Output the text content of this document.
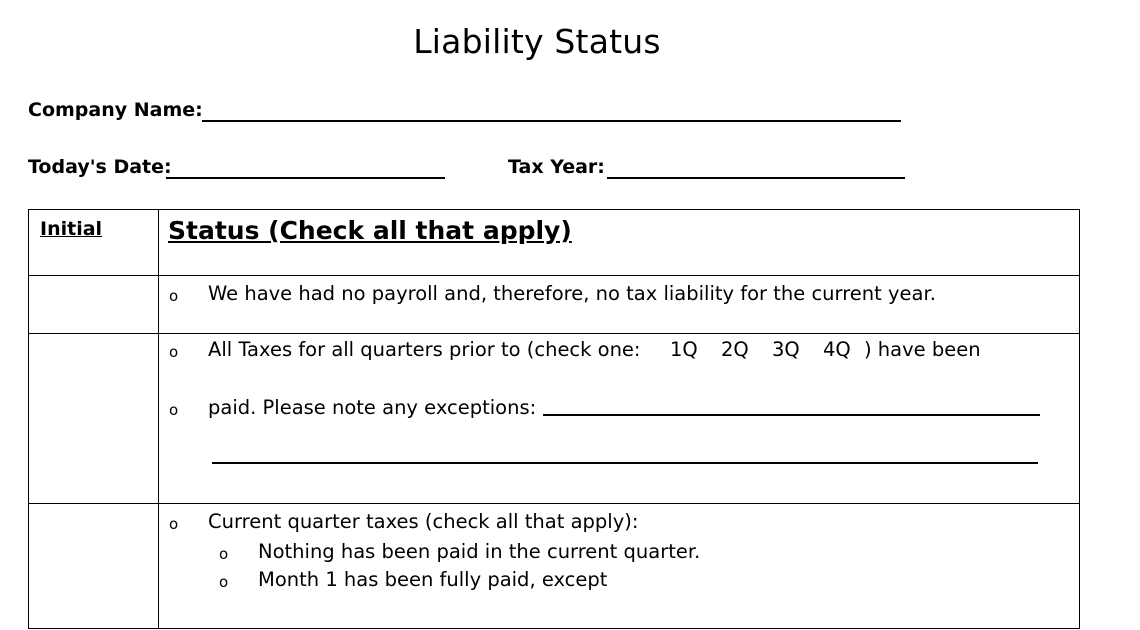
Liability Status
Company Name:
Today's Date:	Tax Year:
Initial	Status (Check all that apply)
o We have had no payroll and, therefore, no tax liability for the current year.
o All Taxes for all quarters prior to (check one: 1Q 2Q 3Q 4Q ) have been
o paid. Please note any exceptions:
o Current quarter taxes (check all that apply):
o Nothing has been paid in the current quarter.
o Month 1 has been fully paid, except
